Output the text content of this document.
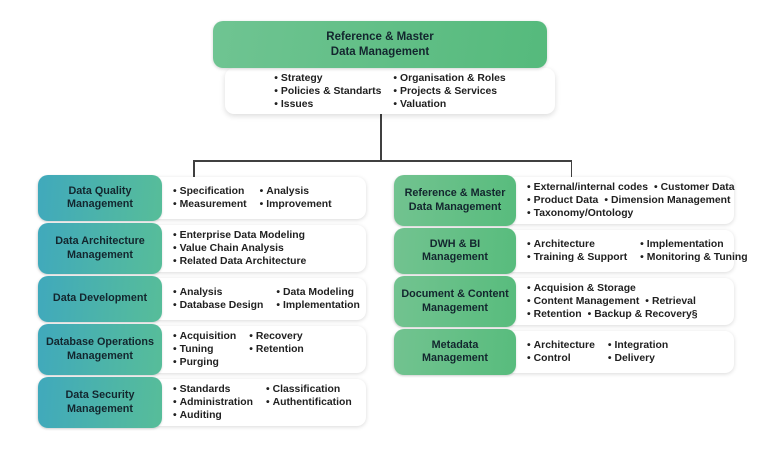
Reference & Master
Data Management
• Strategy
• Policies & Standarts
• Issues
• Organisation & Roles
• Projects & Services
• Valuation
Data Quality
Management
• Specification
• Measurement
• Analysis
• Improvement
Data Architecture
Management
• Enterprise Data Modeling
• Value Chain Analysis
• Related Data Architecture
Data Development •	Analysis
• Database Design
• Data Modeling
• Implementation
Database Operations
Management
• Acquisition
• Tuning
• Purging
• Recovery
• Retention
Data Security
Management
• Standards
• Administration
• Auditing
• Classification
• Authentification
Reference & Master
Data Management
• External/internal codes •	Customer Data
• Product Data •	Dimension Management
• Taxonomy/Ontology
DWH & BI
Management
• Architecture
• Training & Support
• Implementation
• Monitoring & Tuning
Document & Content
Management
• Acquision & Storage
• Content Management •	Retrieval
• Retention •	Backup & Recovery§
Metadata
Management
• Architecture
• Control
• Integration
• Delivery
